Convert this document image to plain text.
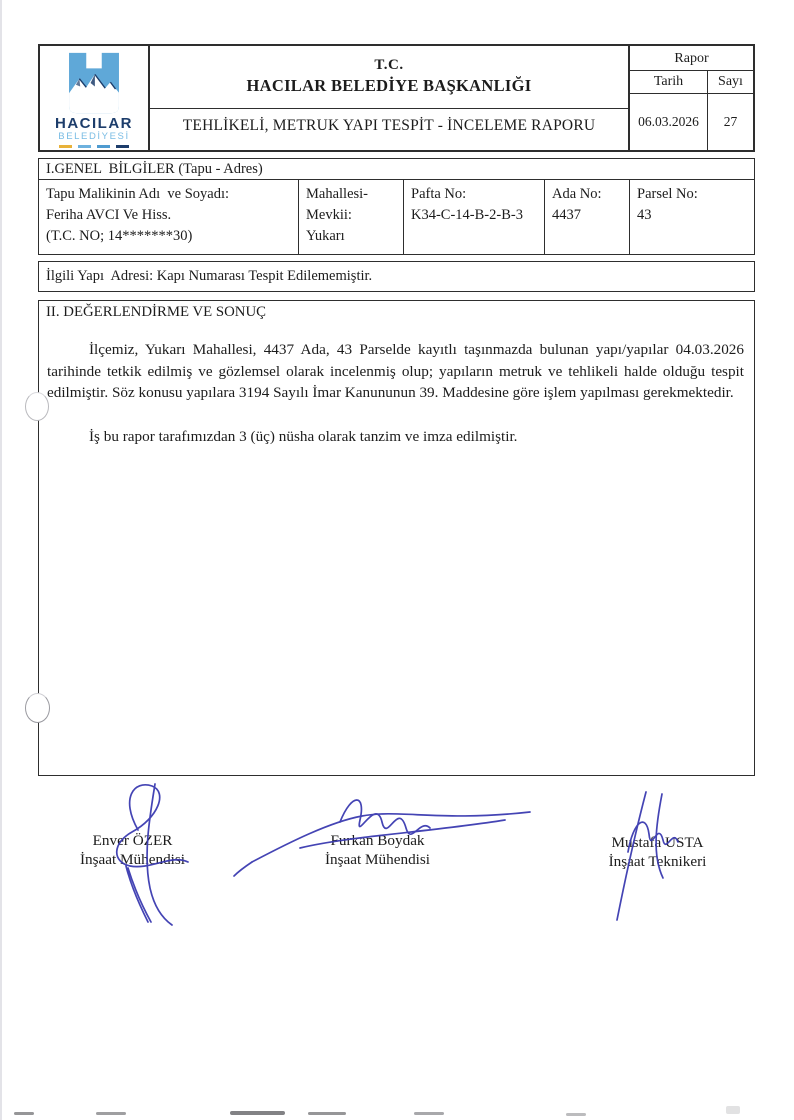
HACILAR
BELEDİYESİ
T.C.
HACILAR BELEDİYE BAŞKANLIĞI
TEHLİKELİ, METRUK YAPI TESPİT - İNCELEME RAPORU
Rapor
Tarih	Sayı
06.03.2026	27
I.GENEL  BİLGİLER (Tapu - Adres)
Tapu Malikinin Adı  ve Soyadı:
Feriha AVCI Ve Hiss.
(T.C. NO; 14*******30)
Mahallesi-
Mevkii:
Yukarı
Pafta No:
K34-C-14-B-2-B-3
Ada No:
4437
Parsel No:
43
İlgili Yapı  Adresi: Kapı Numarası Tespit Edilememiştir.
II. DEĞERLENDİRME VE SONUÇ

İlçemiz, Yukarı Mahallesi, 4437 Ada, 43 Parselde kayıtlı taşınmazda bulunan yapı/yapılar 04.03.2026 tarihinde tetkik edilmiş ve gözlemsel olarak incelenmiş olup; yapıların metruk ve tehlikeli halde olduğu tespit edilmiştir. Söz konusu yapılara 3194 Sayılı İmar Kanununun 39. Maddesine göre işlem yapılması gerekmektedir.

İş bu rapor tarafımızdan 3 (üç) nüsha olarak tanzim ve imza edilmiştir.

Enver ÖZER
İnşaat Mühendisi
Furkan Boydak
İnşaat Mühendisi
Mustafa USTA
İnşaat Teknikeri
